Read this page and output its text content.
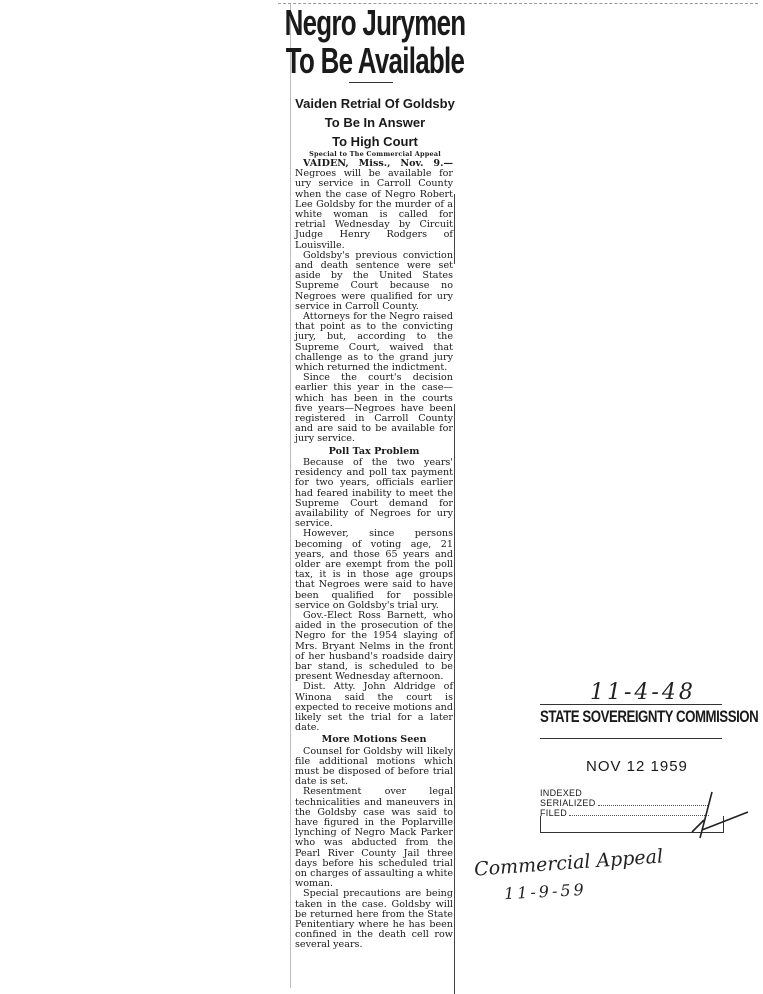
Negro Jurymen
To Be Available
Vaiden Retrial Of Goldsby
To Be In Answer
To High Court
Special to The Commercial Appeal

VAIDEN, Miss., Nov. 9.— Negroes will be available for ury service in Carroll County when the case of Negro Robert Lee Goldsby for the murder of a white woman is called for retrial Wednesday by Circuit Judge Henry Rodgers of Louisville.

Goldsby's previous conviction and death sentence were set aside by the United States Supreme Court because no Negroes were qualified for ury service in Carroll County.

Attorneys for the Negro raised that point as to the convicting jury, but, according to the Supreme Court, waived that challenge as to the grand jury which returned the indictment.

Since the court's decision earlier this year in the case—which has been in the courts five years—Negroes have been registered in Carroll County and are said to be available for jury service.

Poll Tax Problem

Because of the two years' residency and poll tax payment for two years, officials earlier had feared inability to meet the Supreme Court demand for availability of Negroes for ury service.

However, since persons becoming of voting age, 21 years, and those 65 years and older are exempt from the poll tax, it is in those age groups that Negroes were said to have been qualified for possible service on Goldsby's trial ury.

Gov.-Elect Ross Barnett, who aided in the prosecution of the Negro for the 1954 slaying of Mrs. Bryant Nelms in the front of her husband's roadside dairy bar stand, is scheduled to be present Wednesday afternoon.

Dist. Atty. John Aldridge of Winona said the court is expected to receive motions and likely set the trial for a later date.

More Motions Seen

Counsel for Goldsby will likely file additional motions which must be disposed of before trial date is set.

Resentment over legal technicalities and maneuvers in the Goldsby case was said to have figured in the Poplarville lynching of Negro Mack Parker who was abducted from the Pearl River County Jail three days before his scheduled trial on charges of assaulting a white woman.

Special precautions are being taken in the case. Goldsby will be returned here from the State Penitentiary where he has been confined in the death cell row several years.

11-4-48
STATE SOVEREIGNTY COMMISSION
NOV 12 1959
INDEXED
SERIALIZED
FILED
Commercial Appeal
11-9-59
